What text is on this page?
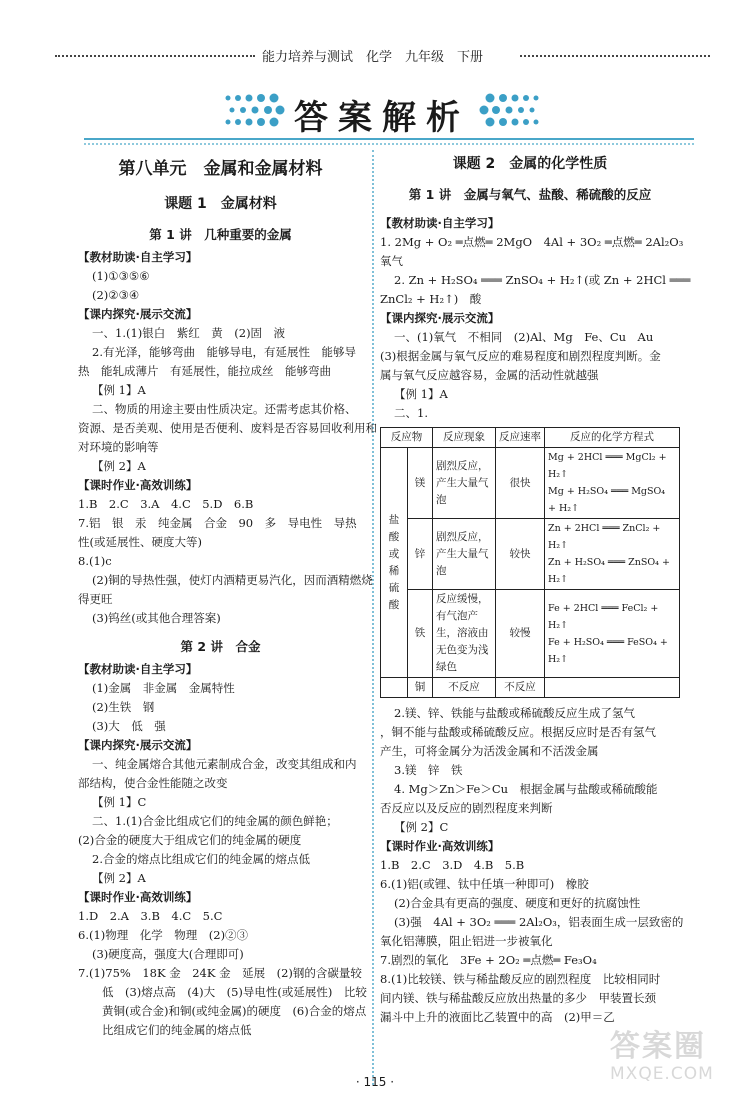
能力培养与测试　化学　九年级　下册
答案解析
第八单元　金属和金属材料
课题 1　金属材料
第 1 讲　几种重要的金属
【教材助读·自主学习】
(1)①③⑤⑥
(2)②③④
【课内探究·展示交流】
一、1.(1)银白　紫红　黄　(2)固　液
2.有光泽，能够弯曲　能够导电，有延展性　能够导
热　能轧成薄片　有延展性，能拉成丝　能够弯曲
【例 1】A
二、物质的用途主要由性质决定。还需考虑其价格、
资源、是否美观、使用是否便利、废料是否容易回收利用和
对环境的影响等
【例 2】A
【课时作业·高效训练】
1.B　2.C　3.A　4.C　5.D　6.B
7.铝　银　汞　纯金属　合金　90　多　导电性　导热
性(或延展性、硬度大等)
8.(1)c
(2)铜的导热性强，使灯内酒精更易汽化，因而酒精燃烧
得更旺
(3)钨丝(或其他合理答案)
第 2 讲　合金
【教材助读·自主学习】
(1)金属　非金属　金属特性
(2)生铁　钢
(3)大　低　强
【课内探究·展示交流】
一、纯金属熔合其他元素制成合金，改变其组成和内
部结构，使合金性能随之改变
【例 1】C
二、1.(1)合金比组成它们的纯金属的颜色鲜艳；
(2)合金的硬度大于组成它们的纯金属的硬度
2.合金的熔点比组成它们的纯金属的熔点低
【例 2】A
【课时作业·高效训练】
1.D　2.A　3.B　4.C　5.C
6.(1)物理　化学　物理　(2)②③
(3)硬度高，强度大(合理即可)
7.(1)75%　18K 金　24K 金　延展　(2)钢的含碳量较
低　(3)熔点高　(4)大　(5)导电性(或延展性)　比较
黄铜(或合金)和铜(或纯金属)的硬度　(6)合金的熔点
比组成它们的纯金属的熔点低
课题 2　金属的化学性质
第 1 讲　金属与氧气、盐酸、稀硫酸的反应
【教材助读·自主学习】
1. 2Mg + O₂ ═点燃═ 2MgO　4Al + 3O₂ ═点燃═ 2Al₂O₃
氧气
2. Zn + H₂SO₄ ═══ ZnSO₄ + H₂↑(或 Zn + 2HCl ═══
ZnCl₂ + H₂↑)　酸
【课内探究·展示交流】
一、(1)氧气　不相同　(2)Al、Mg　Fe、Cu　Au
(3)根据金属与氧气反应的难易程度和剧烈程度判断。金
属与氧气反应越容易，金属的活动性就越强
【例 1】A
二、1.
反应物		反应现象	反应速率	反应的化学方程式
盐酸或稀硫酸	镁	剧烈反应，产生大量气泡	很快	Mg + 2HCl ═══ MgCl₂ + H₂↑
Mg + H₂SO₄ ═══ MgSO₄ + H₂↑

	锌	剧烈反应，产生大量气泡	较快	Zn + 2HCl ═══ ZnCl₂ + H₂↑
Zn + H₂SO₄ ═══ ZnSO₄ + H₂↑

	铁	反应缓慢，有气泡产生，溶液由无色变为浅绿色	较慢	Fe + 2HCl ═══ FeCl₂ + H₂↑
Fe + H₂SO₄ ═══ FeSO₄ + H₂↑

	铜	不反应	不反应	
2.镁、锌、铁能与盐酸或稀硫酸反应生成了氢气
，铜不能与盐酸或稀硫酸反应。根据反应时是否有氢气
产生，可将金属分为活泼金属和不活泼金属
3.镁　锌　铁
4. Mg＞Zn＞Fe＞Cu　根据金属与盐酸或稀硫酸能
否反应以及反应的剧烈程度来判断
【例 2】C
【课时作业·高效训练】
1.B　2.C　3.D　4.B　5.B
6.(1)铝(或锂、钛中任填一种即可)　橡胶
(2)合金具有更高的强度、硬度和更好的抗腐蚀性
(3)强　4Al + 3O₂ ═══ 2Al₂O₃，铝表面生成一层致密的
氧化铝薄膜，阻止铝进一步被氧化
7.剧烈的氧化　3Fe + 2O₂ ═点燃═ Fe₃O₄
8.(1)比较镁、铁与稀盐酸反应的剧烈程度　比较相同时
间内镁、铁与稀盐酸反应放出热量的多少　甲装置长颈
漏斗中上升的液面比乙装置中的高　(2)甲＝乙
· 115 ·
答案圈
MXQE.COM
